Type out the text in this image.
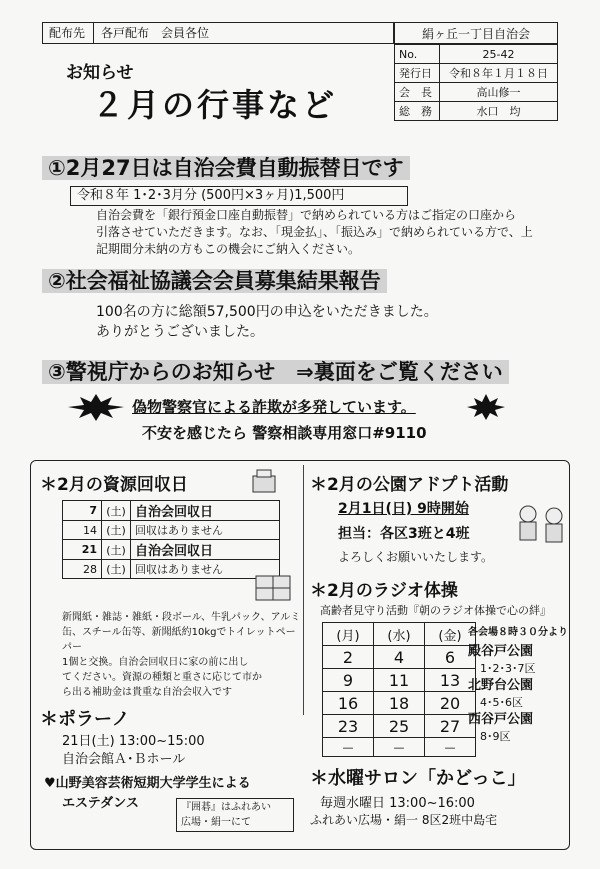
配布先 各戸配布　会員各位	絹ヶ丘一丁目自治会
お知らせ
２月の行事など
No.	25-42
発行日	令和８年１月１８日
会　長	高山修一
総　務	水口　均
①2月27日は自治会費自動振替日です
令和８年 1･2･3月分 (500円×3ヶ月)1,500円
自治会費を「銀行預金口座自動振替」で納められている方はご指定の口座から
引落させていただきます。なお、「現金払」、「振込み」で納められている方で、上
記期間分未納の方もこの機会にご納入ください。
②社会福祉協議会会員募集結果報告
100名の方に総額57,500円の申込をいただきました。
ありがとうございました。
③警視庁からのお知らせ　⇒裏面をご覧ください
偽物警察官による詐欺が多発しています。
不安を感じたら 警察相談専用窓口#9110
＊2月の資源回収日
7	(土)	自治会回収日
14	(土)	回収はありません
21	(土)	自治会回収日
28	(土)	回収はありません
新聞紙・雑誌・雑紙・段ボール、牛乳パック、アルミ
缶、スチール缶等、新聞紙約10kgでトイレットペーパー
1個と交換。自治会回収日に家の前に出し
てください。資源の種類と重さに応じて市か
ら出る補助金は貴重な自治会収入です
＊ポラーノ
21日(土) 13:00~15:00
自治会館Ａ･Ｂホール
♥山野美容芸術短期大学学生による
エステダンス	『囲碁』はふれあい
広場・絹一にて
＊2月の公園アドプト活動
2月1日(日) 9時開始
担当：各区3班と4班
よろしくお願いいたします。
＊2月のラジオ体操
高齢者見守り活動『朝のラジオ体操で心の絆』
(月)	(水)	(金)
2	4	6
9	11	13
16	18	20
23	25	27
—	—	—
各会場８時３０分より
殿谷戸公園
1･2･3･7区
北野台公園
4･5･6区
西谷戸公園
8･9区
＊水曜サロン「かどっこ」
毎週水曜日 13:00~16:00
ふれあい広場・絹一 8区2班中島宅
